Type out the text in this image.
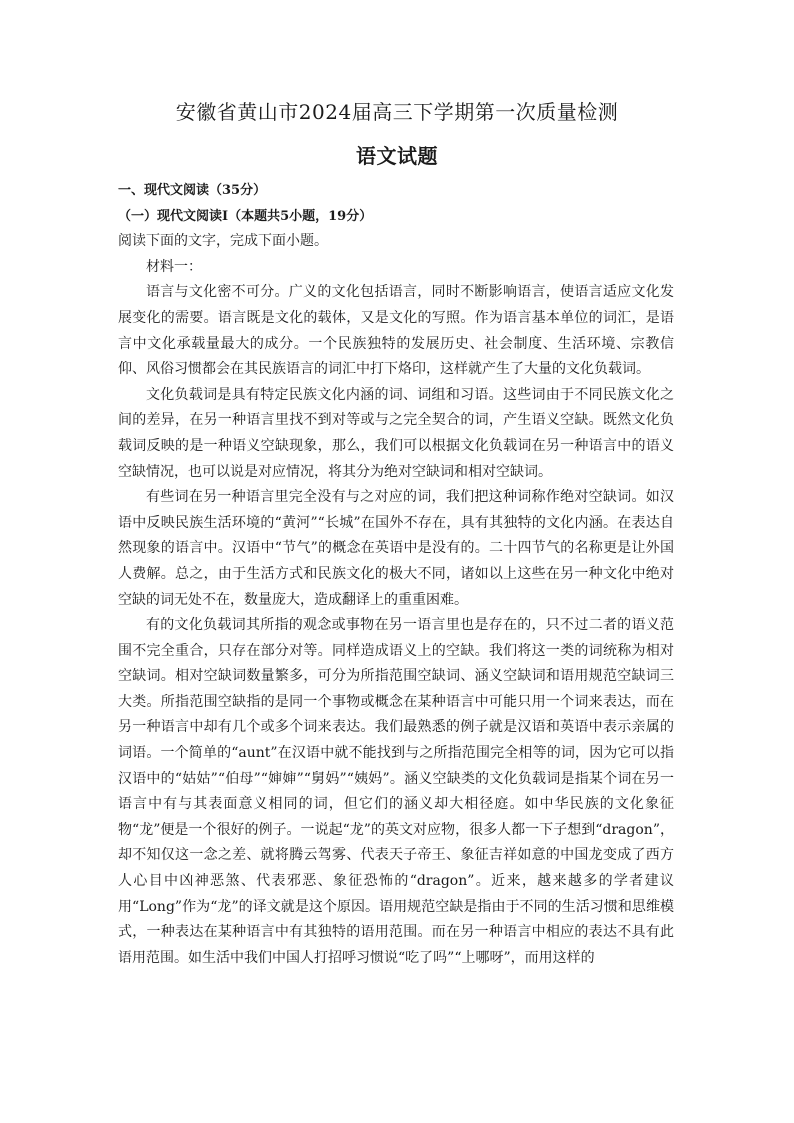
安徽省黄山市2024届高三下学期第一次质量检测
语文试题

一、现代文阅读（35分）

（一）现代文阅读Ⅰ（本题共5小题，19分）

阅读下面的文字，完成下面小题。

材料一：

语言与文化密不可分。广义的文化包括语言，同时不断影响语言，使语言适应文化发展变化的需要。语言既是文化的载体，又是文化的写照。作为语言基本单位的词汇，是语言中文化承载量最大的成分。一个民族独特的发展历史、社会制度、生活环境、宗教信仰、风俗习惯都会在其民族语言的词汇中打下烙印，这样就产生了大量的文化负载词。

文化负载词是具有特定民族文化内涵的词、词组和习语。这些词由于不同民族文化之间的差异，在另一种语言里找不到对等或与之完全契合的词，产生语义空缺。既然文化负载词反映的是一种语义空缺现象，那么，我们可以根据文化负载词在另一种语言中的语义空缺情况，也可以说是对应情况，将其分为绝对空缺词和相对空缺词。

有些词在另一种语言里完全没有与之对应的词，我们把这种词称作绝对空缺词。如汉语中反映民族生活环境的“黄河”“长城”在国外不存在，具有其独特的文化内涵。在表达自然现象的语言中。汉语中“节气”的概念在英语中是没有的。二十四节气的名称更是让外国人费解。总之，由于生活方式和民族文化的极大不同，诸如以上这些在另一种文化中绝对空缺的词无处不在，数量庞大，造成翻译上的重重困难。

有的文化负载词其所指的观念或事物在另一语言里也是存在的，只不过二者的语义范围不完全重合，只存在部分对等。同样造成语义上的空缺。我们将这一类的词统称为相对空缺词。相对空缺词数量繁多，可分为所指范围空缺词、涵义空缺词和语用规范空缺词三大类。所指范围空缺指的是同一个事物或概念在某种语言中可能只用一个词来表达，而在另一种语言中却有几个或多个词来表达。我们最熟悉的例子就是汉语和英语中表示亲属的词语。一个简单的“aunt”在汉语中就不能找到与之所指范围完全相等的词，因为它可以指汉语中的“姑姑”“伯母”“婶婶”“舅妈”“姨妈”。涵义空缺类的文化负载词是指某个词在另一语言中有与其表面意义相同的词，但它们的涵义却大相径庭。如中华民族的文化象征物“龙”便是一个很好的例子。一说起“龙”的英文对应物，很多人都一下子想到“dragon”，却不知仅这一念之差、就将腾云驾雾、代表天子帝王、象征吉祥如意的中国龙变成了西方人心目中凶神恶煞、代表邪恶、象征恐怖的“dragon”。近来，越来越多的学者建议用“Long”作为“龙”的译文就是这个原因。语用规范空缺是指由于不同的生活习惯和思维模式，一种表达在某种语言中有其独特的语用范围。而在另一种语言中相应的表达不具有此语用范围。如生活中我们中国人打招呼习惯说“吃了吗”“上哪呀”，而用这样的
